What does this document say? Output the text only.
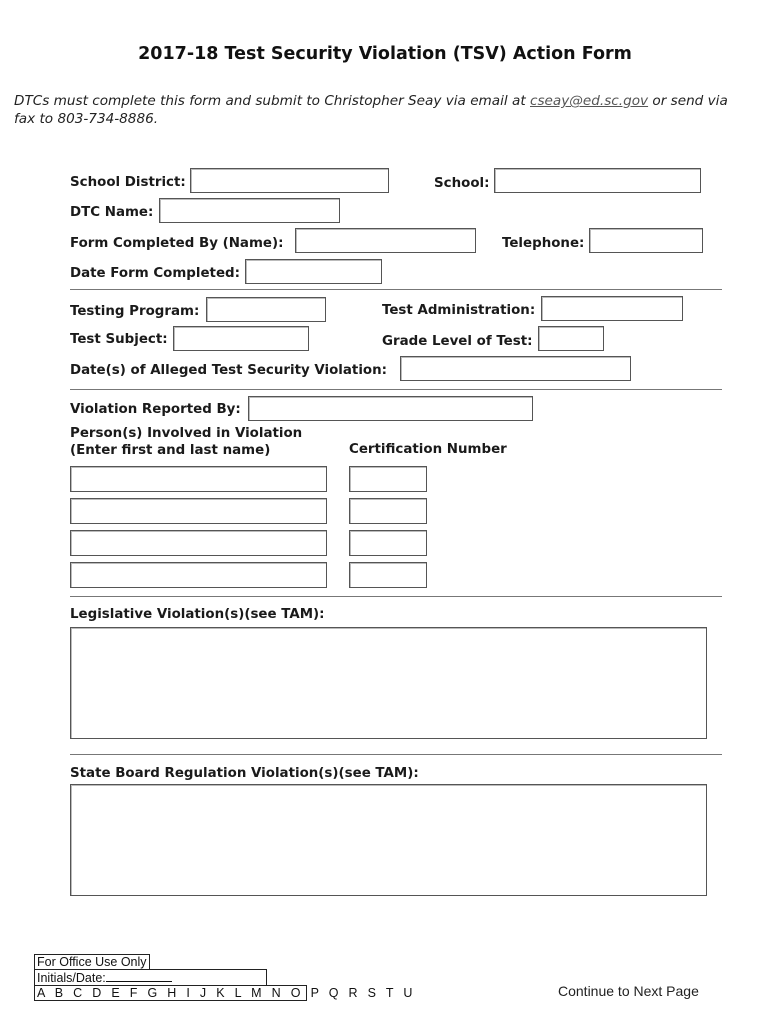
2017-18 Test Security Violation (TSV) Action Form
DTCs must complete this form and submit to Christopher Seay via email at cseay@ed.sc.gov or send via fax to 803-734-8886.
School District:	School:
DTC Name:
Form Completed By (Name):	Telephone:
Date Form Completed:
Testing Program:	Test Administration:
Test Subject:	Grade Level of Test:
Date(s) of Alleged Test Security Violation:
Violation Reported By:
Person(s) Involved in Violation
(Enter first and last name)	Certification Number
Legislative Violation(s)(see TAM):
State Board Regulation Violation(s)(see TAM):
For Office Use Only
Initials/Date:
A B C D E F G H I J K L M N O P Q R S T U	Continue to Next Page
